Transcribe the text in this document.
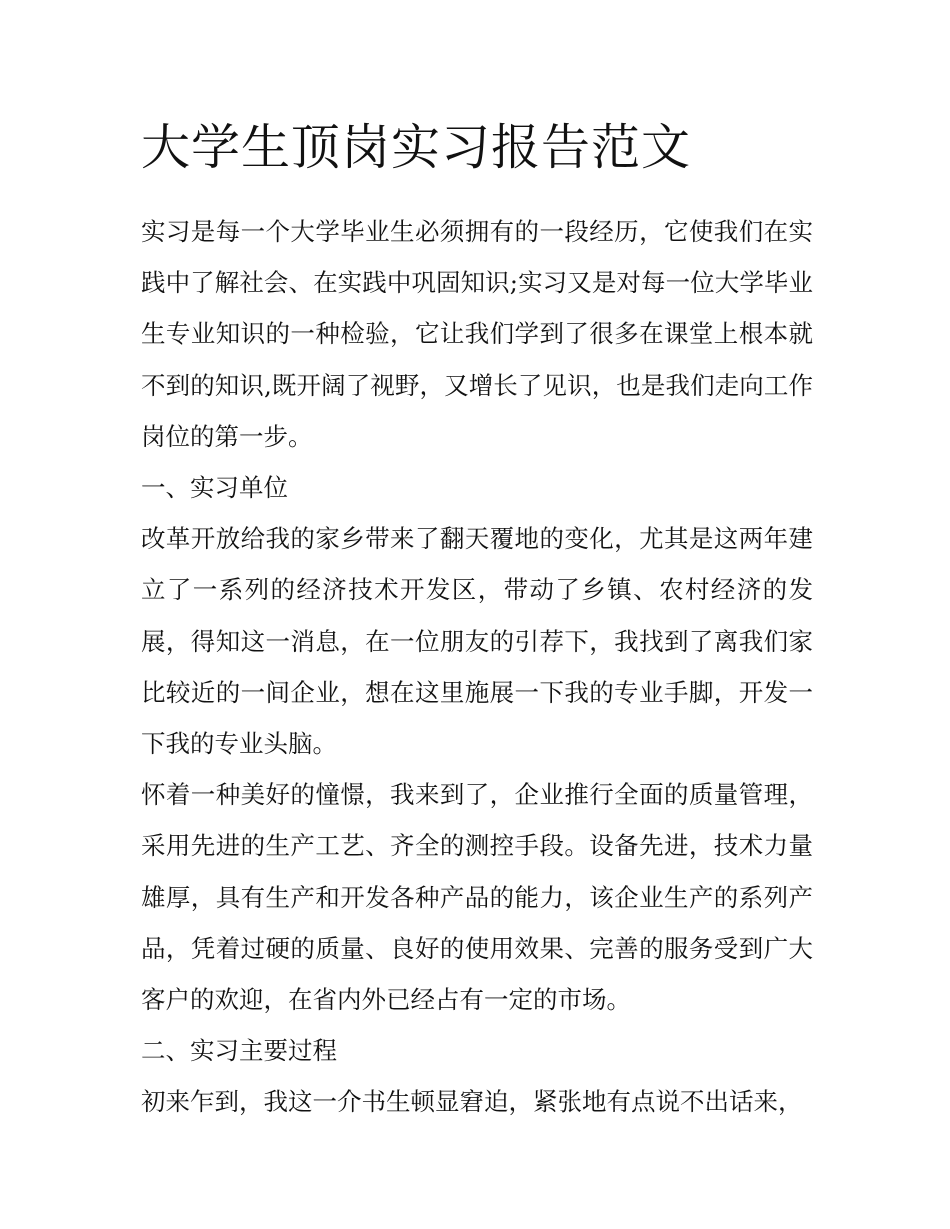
大学生顶岗实习报告范文

实习是每一个大学毕业生必须拥有的一段经历，它使我们在实践中了解社会、在实践中巩固知识;实习又是对每一位大学毕业生专业知识的一种检验，它让我们学到了很多在课堂上根本就不到的知识,既开阔了视野，又增长了见识，也是我们走向工作岗位的第一步。

一、实习单位

改革开放给我的家乡带来了翻天覆地的变化，尤其是这两年建立了一系列的经济技术开发区，带动了乡镇、农村经济的发展，得知这一消息，在一位朋友的引荐下，我找到了离我们家比较近的一间企业，想在这里施展一下我的专业手脚，开发一下我的专业头脑。

怀着一种美好的憧憬，我来到了，企业推行全面的质量管理，采用先进的生产工艺、齐全的测控手段。设备先进，技术力量雄厚，具有生产和开发各种产品的能力，该企业生产的系列产品，凭着过硬的质量、良好的使用效果、完善的服务受到广大客户的欢迎，在省内外已经占有一定的市场。

二、实习主要过程

初来乍到，我这一介书生顿显窘迫，紧张地有点说不出话来，
